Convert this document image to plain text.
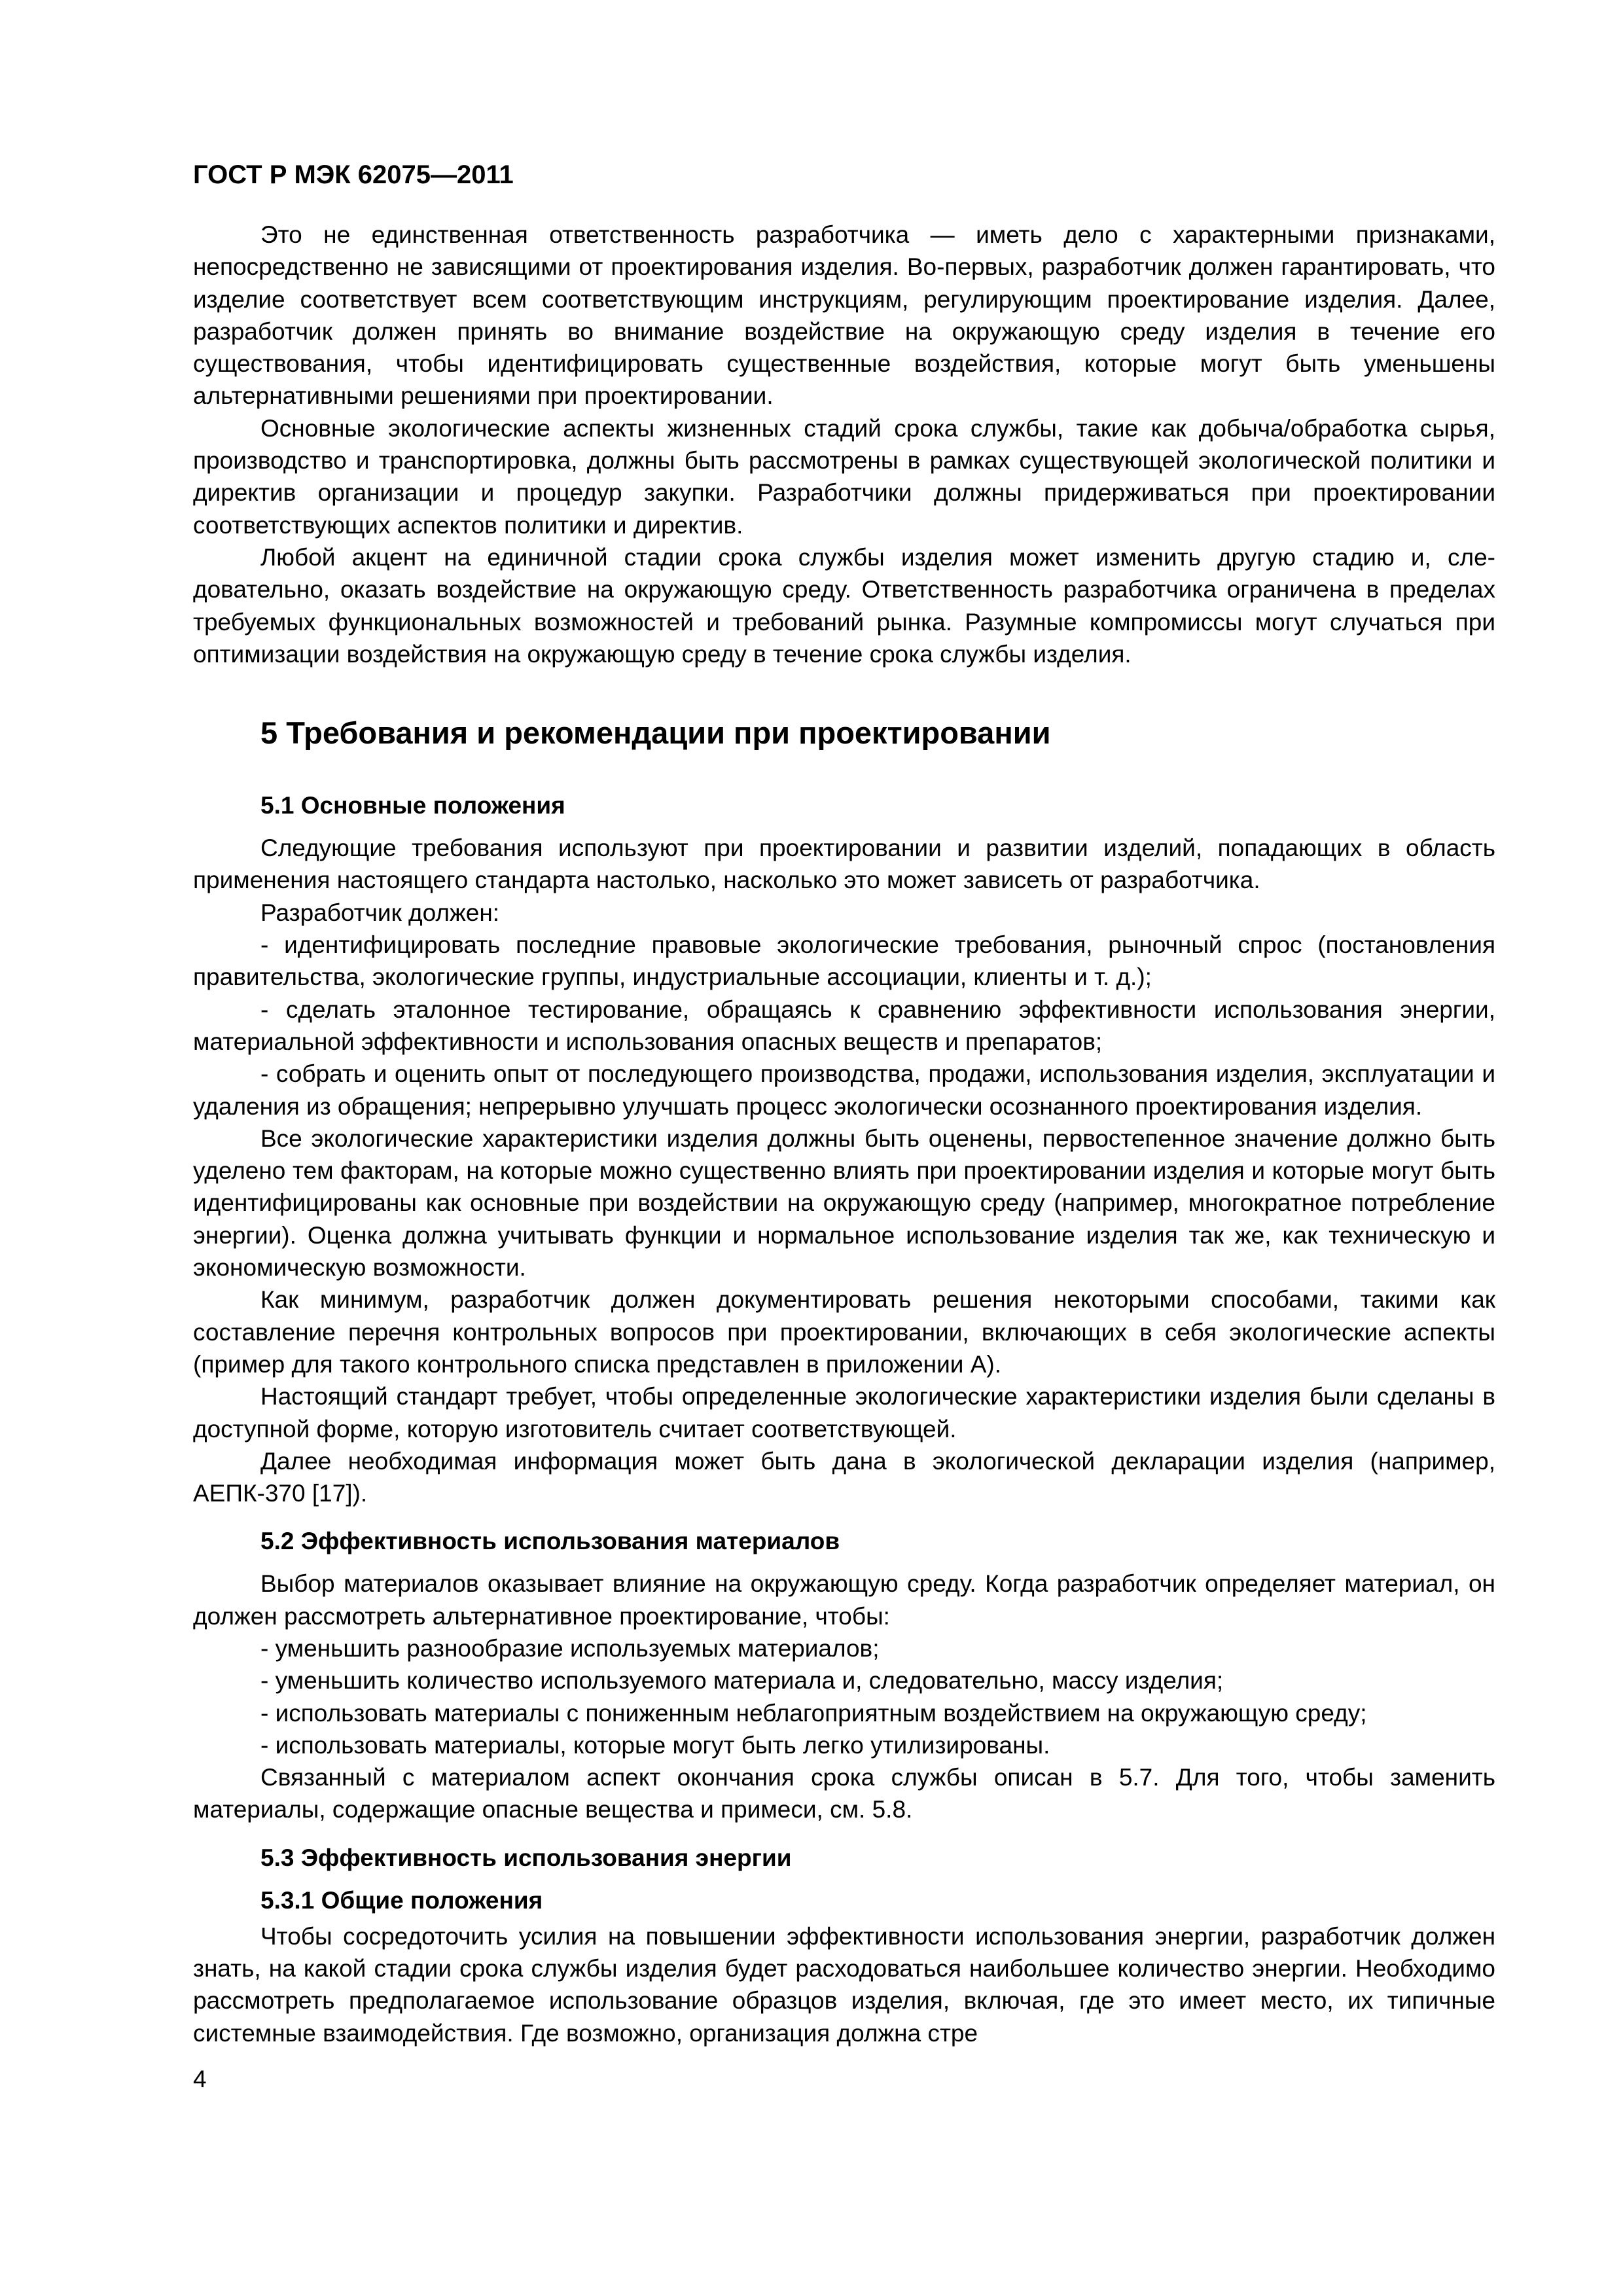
ГОСТ Р МЭК 62075—2011

Это не единственная ответственность разработчика — иметь дело с характерными признаками, непосредственно не зависящими от проектирования изделия. Во-первых, разработчик должен гарантировать, что изделие соответствует всем соответствующим инструкциям, регулирующим проектирование изделия. Далее, разработчик должен принять во внимание воздействие на окружающую среду изделия в течение его существования, чтобы идентифицировать существенные воздействия, которые могут быть уменьшены альтернативными решениями при проектировании.

Основные экологические аспекты жизненных стадий срока службы, такие как добыча/обработка сырья, производство и транспортировка, должны быть рассмотрены в рамках существующей экологической политики и директив организации и процедур закупки. Разработчики должны придерживаться при проектировании соответствующих аспектов политики и директив.

Любой акцент на единичной стадии срока службы изделия может изменить другую стадию и, следовательно, оказать воздействие на окружающую среду. Ответственность разработчика ограничена в пределах требуемых функциональных возможностей и требований рынка. Разумные компромиссы могут случаться при оптимизации воздействия на окружающую среду в течение срока службы изделия.

5 Требования и рекомендации при проектировании
5.1 Основные положения

Следующие требования используют при проектировании и развитии изделий, попадающих в область применения настоящего стандарта настолько, насколько это может зависеть от разработчика.

Разработчик должен:

- идентифицировать последние правовые экологические требования, рыночный спрос (постановления правительства, экологические группы, индустриальные ассоциации, клиенты и т. д.);

- сделать эталонное тестирование, обращаясь к сравнению эффективности использования энергии, материальной эффективности и использования опасных веществ и препаратов;

- собрать и оценить опыт от последующего производства, продажи, использования изделия, эксплуатации и удаления из обращения; непрерывно улучшать процесс экологически осознанного проектирования изделия.

Все экологические характеристики изделия должны быть оценены, первостепенное значение должно быть уделено тем факторам, на которые можно существенно влиять при проектировании изделия и которые могут быть идентифицированы как основные при воздействии на окружающую среду (например, многократное потребление энергии). Оценка должна учитывать функции и нормальное использование изделия так же, как техническую и экономическую возможности.

Как минимум, разработчик должен документировать решения некоторыми способами, такими как составление перечня контрольных вопросов при проектировании, включающих в себя экологические аспекты (пример для такого контрольного списка представлен в приложении А).

Настоящий стандарт требует, чтобы определенные экологические характеристики изделия были сделаны в доступной форме, которую изготовитель считает соответствующей.

Далее необходимая информация может быть дана в экологической декларации изделия (например, АЕПК-370 [17]).

5.2 Эффективность использования материалов

Выбор материалов оказывает влияние на окружающую среду. Когда разработчик определяет материал, он должен рассмотреть альтернативное проектирование, чтобы:

- уменьшить разнообразие используемых материалов;

- уменьшить количество используемого материала и, следовательно, массу изделия;

- использовать материалы с пониженным неблагоприятным воздействием на окружающую среду;

- использовать материалы, которые могут быть легко утилизированы.

Связанный с материалом аспект окончания срока службы описан в 5.7. Для того, чтобы заменить материалы, содержащие опасные вещества и примеси, см. 5.8.

5.3 Эффективность использования энергии
5.3.1 Общие положения

Чтобы сосредоточить усилия на повышении эффективности использования энергии, разработчик должен знать, на какой стадии срока службы изделия будет расходоваться наибольшее количество энергии. Необходимо рассмотреть предполагаемое использование образцов изделия, включая, где это имеет место, их типичные системные взаимодействия. Где возможно, организация должна стре

4
